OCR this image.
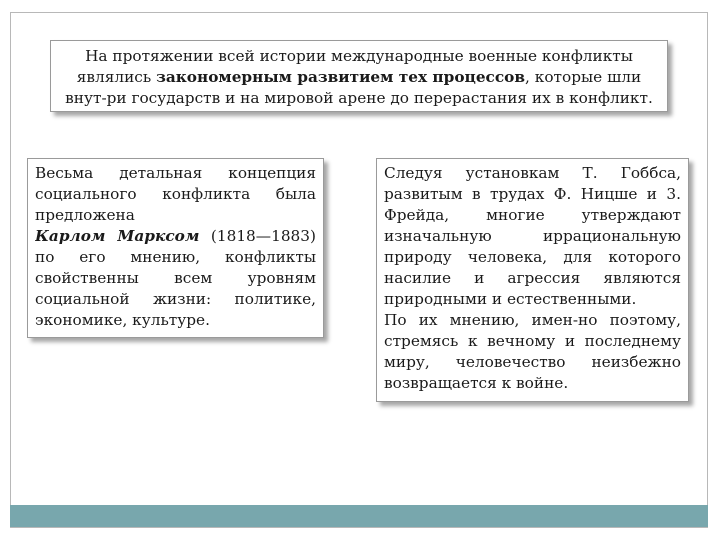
На протяжении всей истории международные военные конфликты
являлись закономерным развитием тех процессов, которые шли
внут-ри государств и на мировой арене до перерастания их в конфликт.
Весьма детальная концепция
социального конфликта была
предложена
Карлом Марксом (1818—1883)
по его мнению, конфликты
свойственны всем уровням
социальной жизни: политике,
экономике, культуре.
Следуя установкам Т. Гоббса,
развитым в трудах Ф. Ницше и 3.
Фрейда, многие утверждают
изначальную иррациональную
природу человека, для которого
насилие и агрессия являются
природными и естественными.
По их мнению, имен-но поэтому,
стремясь к вечному и последнему
миру, человечество неизбежно
возвращается к войне.
